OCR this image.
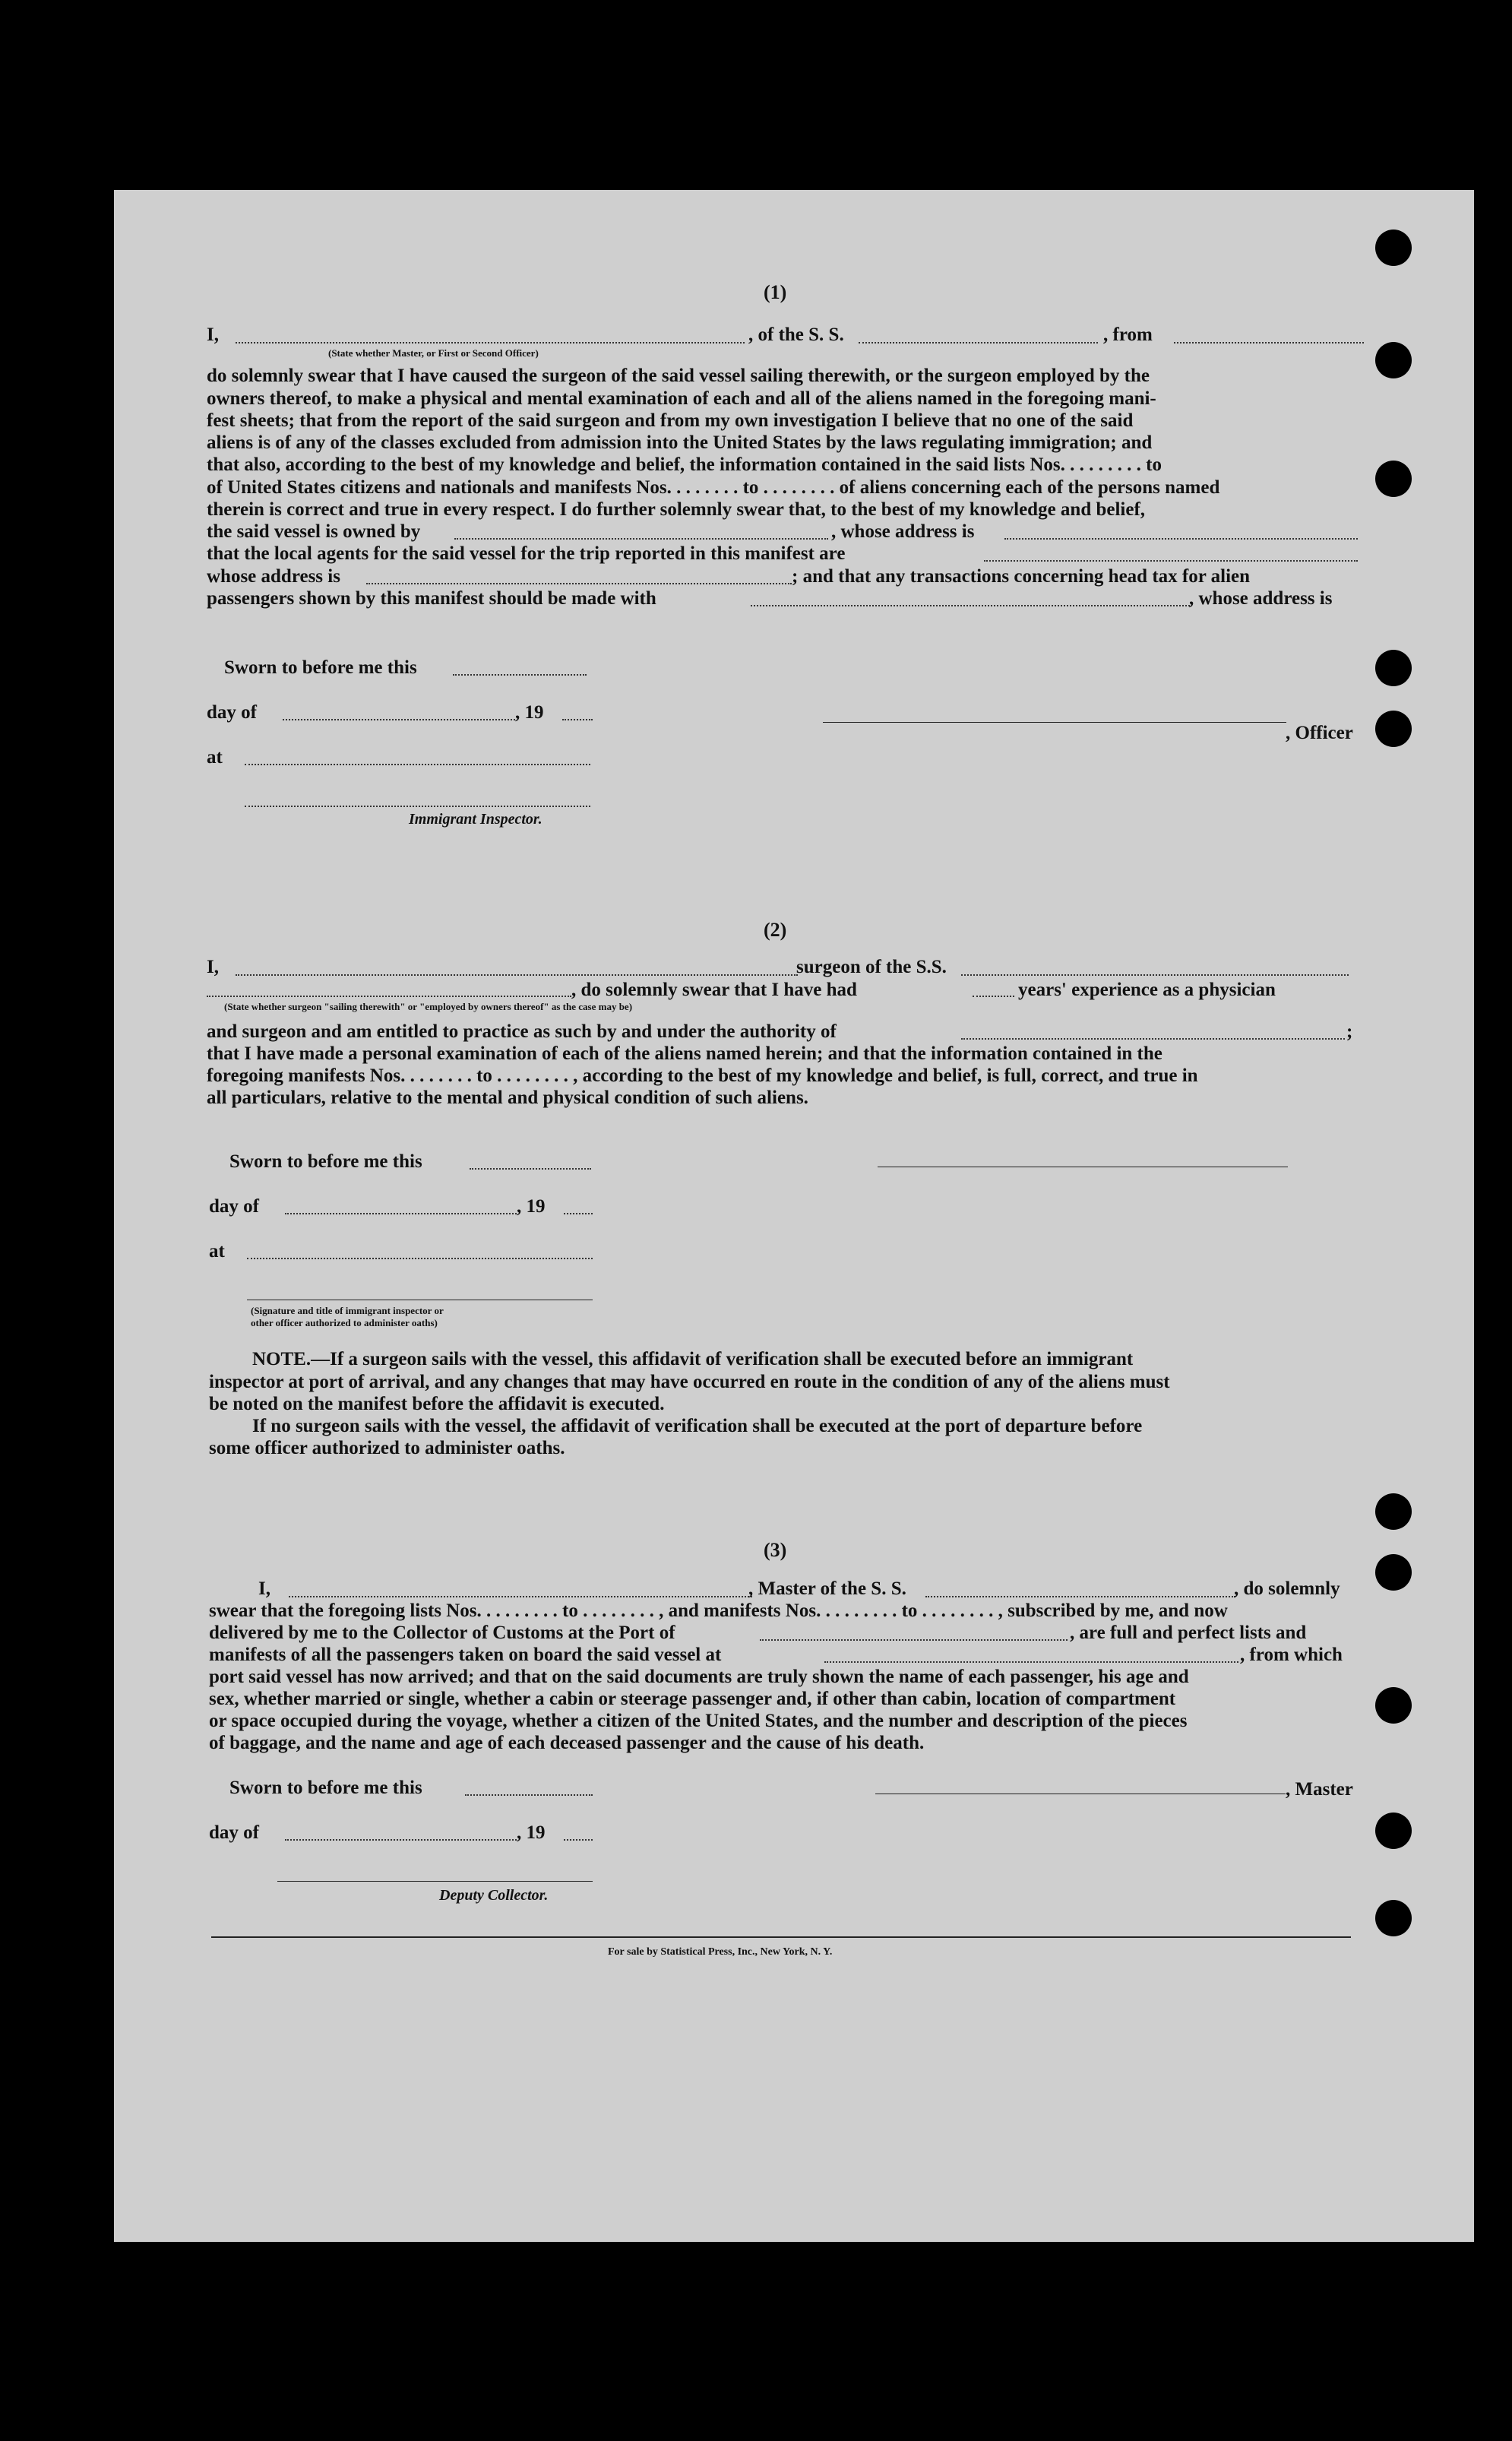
(1)
I,
(State whether Master, or First or Second Officer)
, of the S. S.	, from
do solemnly swear that I have caused the surgeon of the said vessel sailing therewith, or the surgeon employed by the
owners thereof, to make a physical and mental examination of each and all of the aliens named in the foregoing mani-
fest sheets; that from the report of the said surgeon and from my own investigation I believe that no one of the said
aliens is of any of the classes excluded from admission into the United States by the laws regulating immigration; and
that also, according to the best of my knowledge and belief, the information contained in the said lists Nos. . . . . . . . . to
of United States citizens and nationals and manifests Nos. . . . . . . . to . . . . . . . . of aliens concerning each of the persons named
therein is correct and true in every respect. I do further solemnly swear that, to the best of my knowledge and belief,
the said vessel is owned by	, whose address is
that the local agents for the said vessel for the trip reported in this manifest are
whose address is	; and that any transactions concerning head tax for alien
passengers shown by this manifest should be made with	, whose address is
Sworn to before me this
day of	, 19
at
Immigrant Inspector.
, Officer
(2)
I,	surgeon of the S.S.
, do solemnly swear that I have had	years' experience as a physician
(State whether surgeon "sailing therewith" or "employed by owners thereof" as the case may be)
and surgeon and am entitled to practice as such by and under the authority of	;
that I have made a personal examination of each of the aliens named herein; and that the information contained in the
foregoing manifests Nos. . . . . . . . to . . . . . . . . , according to the best of my knowledge and belief, is full, correct, and true in
all particulars, relative to the mental and physical condition of such aliens.
Sworn to before me this
day of	, 19
at
(Signature and title of immigrant inspector or
other officer authorized to administer oaths)
NOTE.—If a surgeon sails with the vessel, this affidavit of verification shall be executed before an immigrant
inspector at port of arrival, and any changes that may have occurred en route in the condition of any of the aliens must
be noted on the manifest before the affidavit is executed.
If no surgeon sails with the vessel, the affidavit of verification shall be executed at the port of departure before
some officer authorized to administer oaths.
(3)
I,	, Master of the S. S.	, do solemnly
swear that the foregoing lists Nos. . . . . . . . . to . . . . . . . . , and manifests Nos. . . . . . . . . to . . . . . . . . , subscribed by me, and now
delivered by me to the Collector of Customs at the Port of	, are full and perfect lists and
manifests of all the passengers taken on board the said vessel at	, from which
port said vessel has now arrived; and that on the said documents are truly shown the name of each passenger, his age and
sex, whether married or single, whether a cabin or steerage passenger and, if other than cabin, location of compartment
or space occupied during the voyage, whether a citizen of the United States, and the number and description of the pieces
of baggage, and the name and age of each deceased passenger and the cause of his death.
Sworn to before me this
day of	, 19
Deputy Collector.
, Master
For sale by Statistical Press, Inc., New York, N. Y.
